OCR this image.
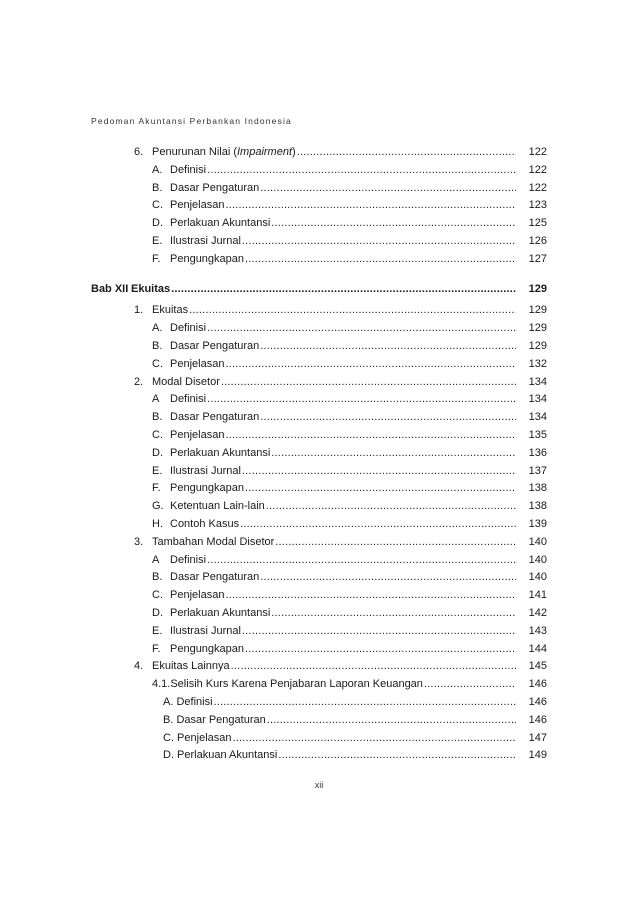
Pedoman Akuntansi Perbankan Indonesia
6. Penurunan Nilai (Impairment) .....	122
A. Definisi .....	122
B. Dasar Pengaturan .....	122
C. Penjelasan .....	123
D. Perlakuan Akuntansi .....	125
E. Ilustrasi Jurnal .....	126
F. Pengungkapan .....	127
Bab XII Ekuitas .....	129
1. Ekuitas .....	129
A. Definisi .....	129
B. Dasar Pengaturan .....	129
C. Penjelasan .....	132
2. Modal Disetor .....	134
A Definisi .....	134
B. Dasar Pengaturan .....	134
C. Penjelasan .....	135
D. Perlakuan Akuntansi .....	136
E. Ilustrasi Jurnal .....	137
F. Pengungkapan .....	138
G. Ketentuan Lain-lain .....	138
H. Contoh Kasus .....	139
3. Tambahan Modal Disetor .....	140
A Definisi .....	140
B. Dasar Pengaturan .....	140
C. Penjelasan .....	141
D. Perlakuan Akuntansi .....	142
E. Ilustrasi Jurnal .....	143
F. Pengungkapan .....	144
4. Ekuitas Lainnya .....	145
4.1.Selisih Kurs Karena Penjabaran Laporan Keuangan .....	146
A. Definisi .....	146
B. Dasar Pengaturan .....	146
C. Penjelasan .....	147
D. Perlakuan Akuntansi .....	149
xii
